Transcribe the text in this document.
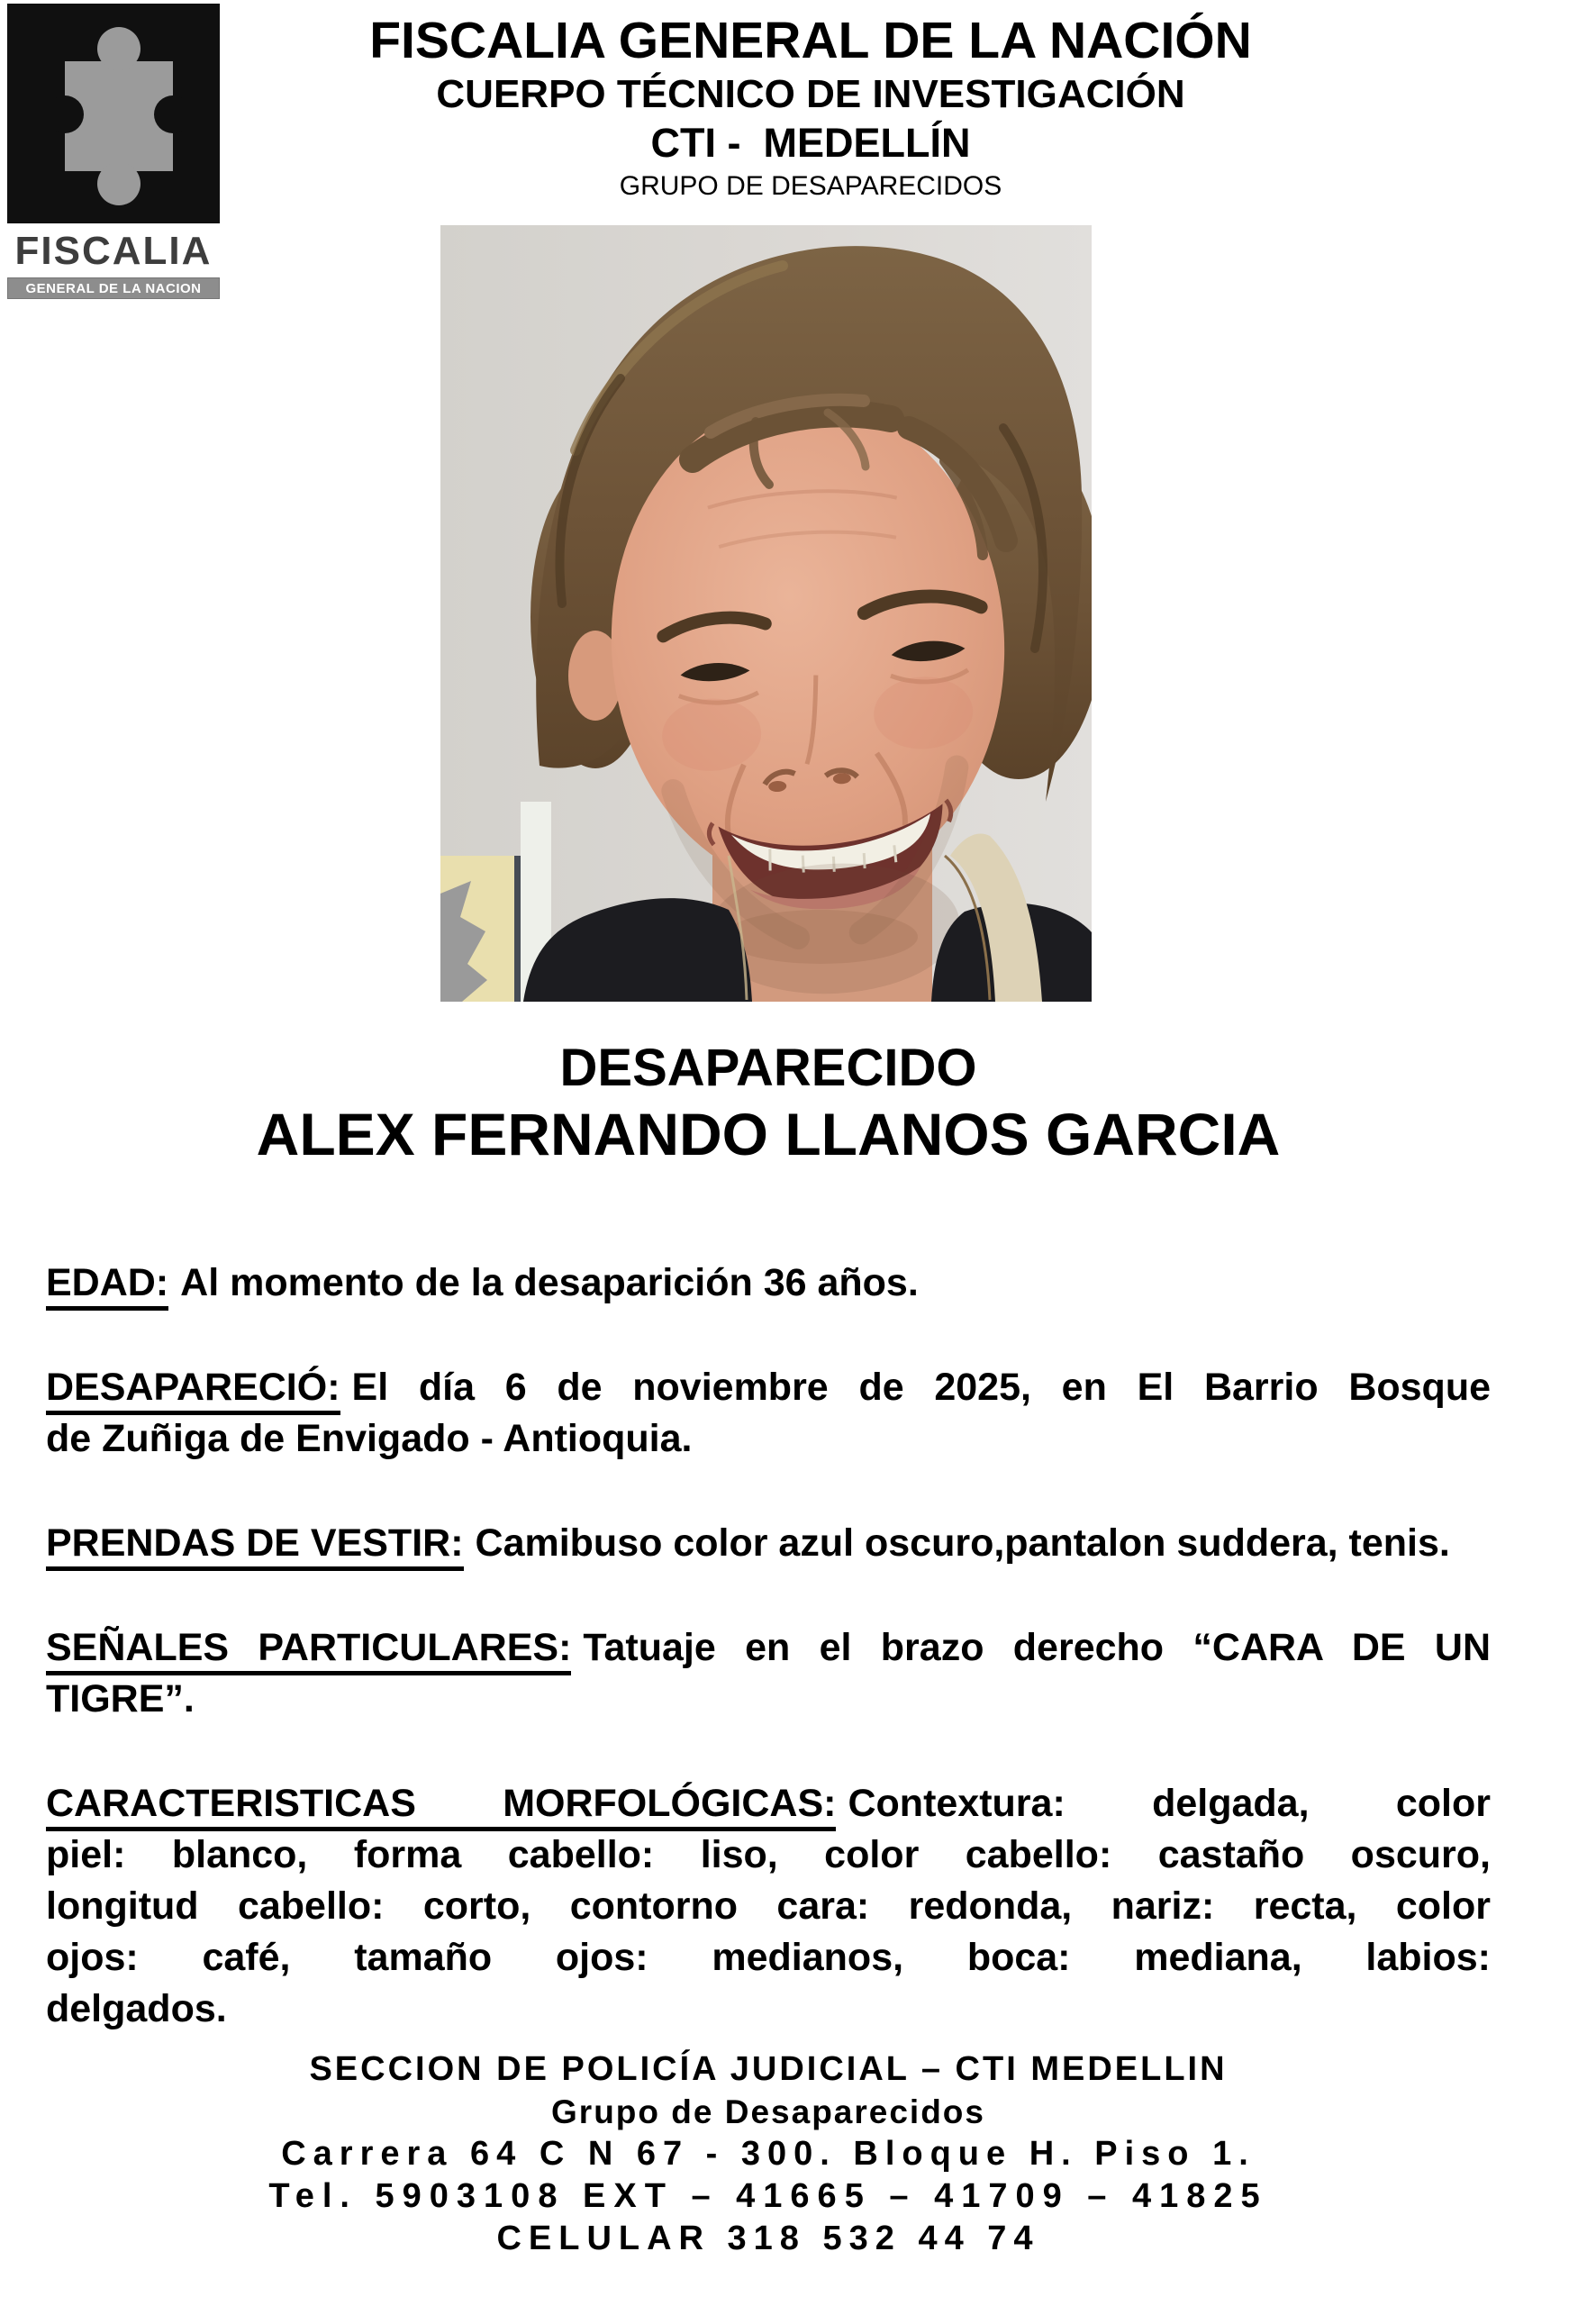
FISCALIA
GENERAL DE LA NACION
FISCALIA GENERAL DE LA NACIÓN
CUERPO TÉCNICO DE INVESTIGACIÓN
CTI -  MEDELLÍN
GRUPO DE DESAPARECIDOS
DESAPARECIDO
ALEX FERNANDO LLANOS GARCIA
EDAD: Al momento de la desaparición 36 años.
DESAPARECIÓ: El día 6 de noviembre de 2025, en El Barrio Bosque
de Zuñiga de Envigado - Antioquia.
PRENDAS DE VESTIR: Camibuso color azul oscuro,pantalon suddera, tenis.
SEÑALES PARTICULARES: Tatuaje en el brazo derecho “CARA DE UN
TIGRE”.
CARACTERISTICAS MORFOLÓGICAS: Contextura: delgada, color
piel: blanco, forma cabello: liso, color cabello: castaño oscuro,
longitud cabello: corto, contorno cara: redonda, nariz: recta, color
ojos: café, tamaño ojos: medianos, boca: mediana, labios:
delgados.
SECCION DE POLICÍA JUDICIAL – CTI MEDELLIN
Grupo de Desaparecidos
Carrera 64 C N 67 - 300. Bloque H. Piso 1.
Tel. 5903108 EXT – 41665 – 41709 – 41825
CELULAR 318 532 44 74
